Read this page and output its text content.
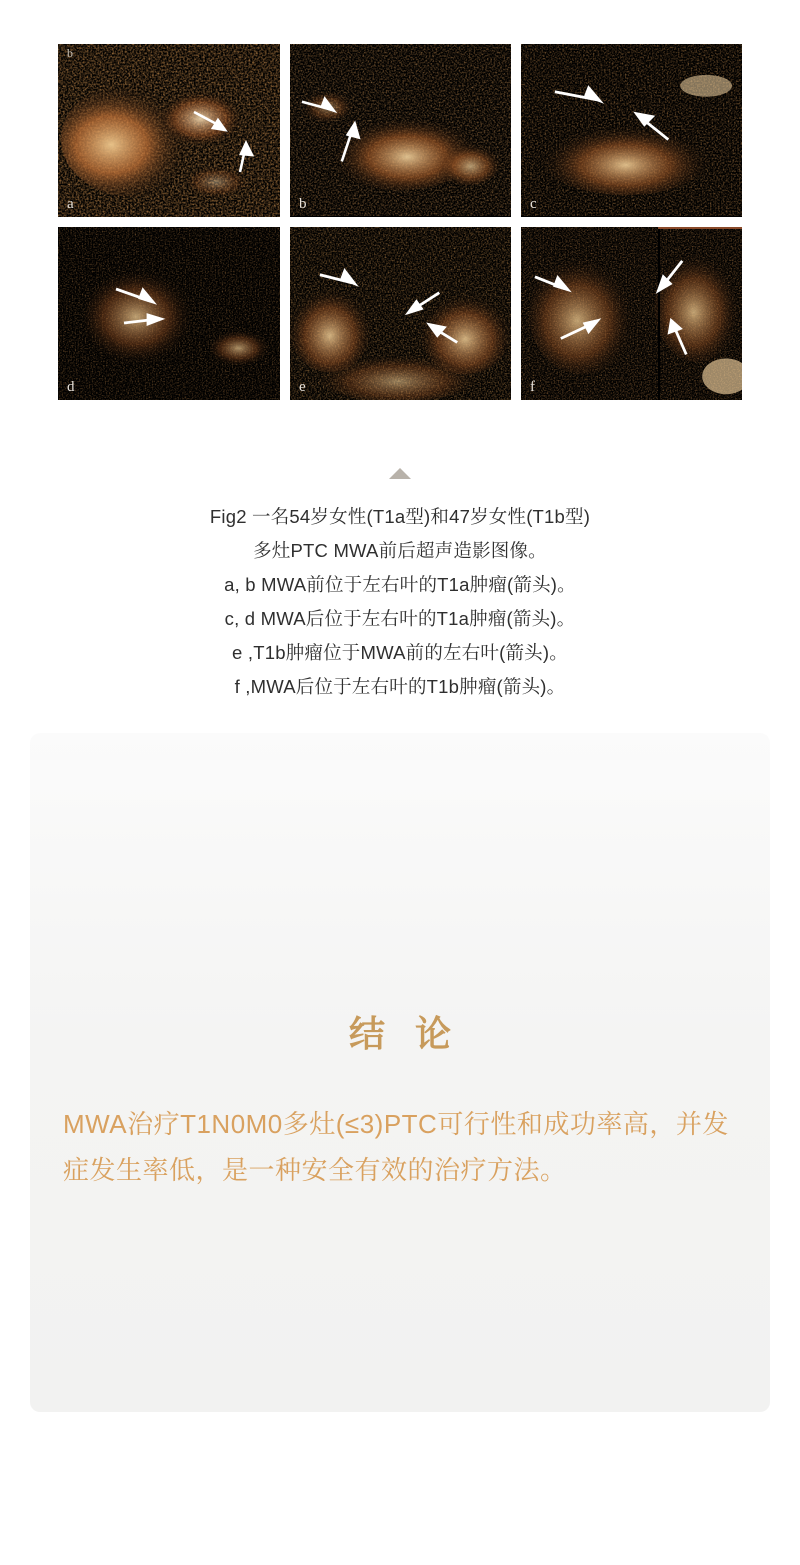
b
a	b	c
d	e	f
Fig2 一名54岁女性(T1a型)和47岁女性(T1b型)
多灶PTC MWA前后超声造影图像。
a, b MWA前位于左右叶的T1a肿瘤(箭头)。
c, d MWA后位于左右叶的T1a肿瘤(箭头)。
e ,T1b肿瘤位于MWA前的左右叶(箭头)。
f ,MWA后位于左右叶的T1b肿瘤(箭头)。
结 论
MWA治疗T1N0M0多灶(≤3)PTC可行性和成功率高，并发症发生率低，是一种安全有效的治疗方法。
